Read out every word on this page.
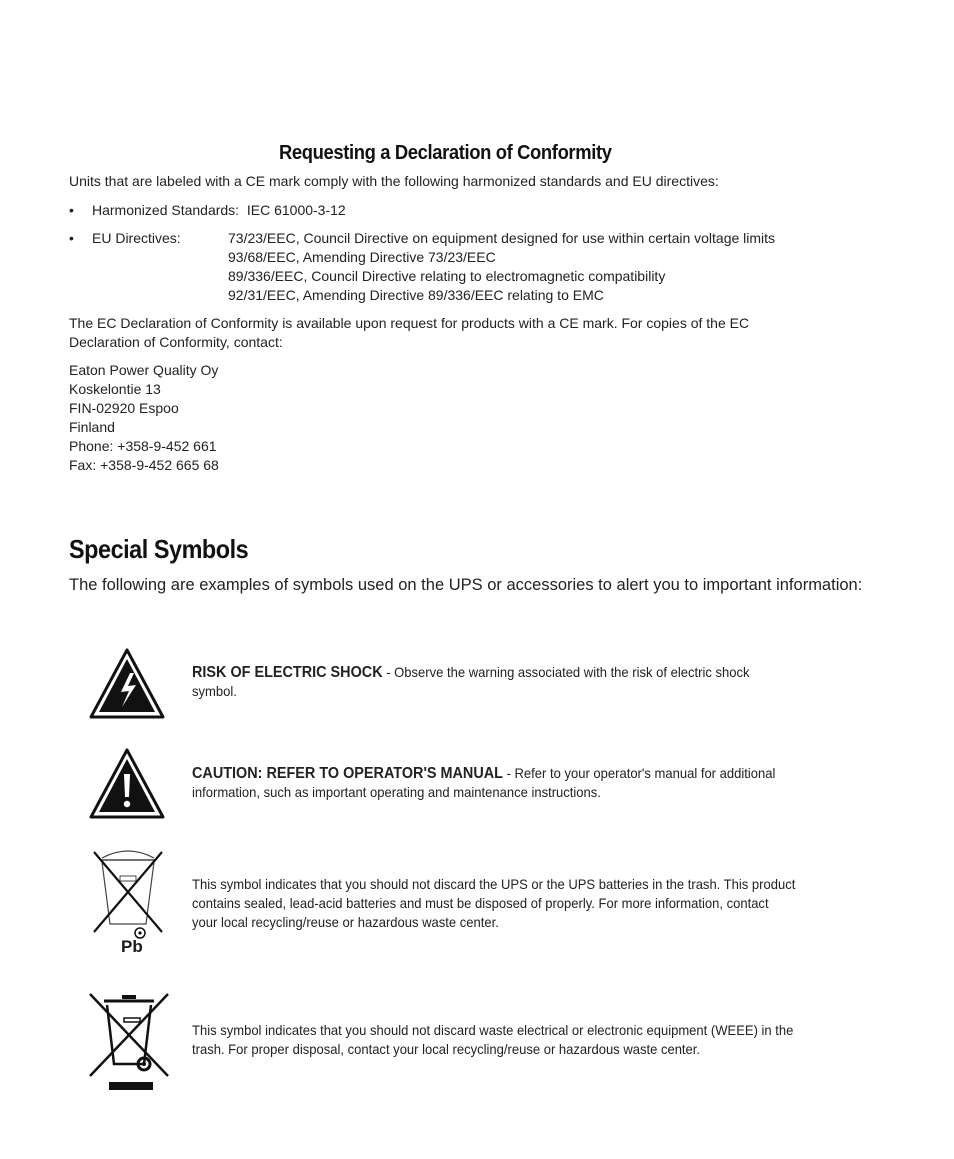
Requesting a Declaration of Conformity
Units that are labeled with a CE mark comply with the following harmonized standards and EU directives:
• Harmonized Standards: IEC 61000-3-12
• EU Directives:	73/23/EEC, Council Directive on equipment designed for use within certain voltage limits
93/68/EEC, Amending Directive 73/23/EEC
89/336/EEC, Council Directive relating to electromagnetic compatibility
92/31/EEC, Amending Directive 89/336/EEC relating to EMC
The EC Declaration of Conformity is available upon request for products with a CE mark. For copies of the EC
Declaration of Conformity, contact:
Eaton Power Quality Oy
Koskelontie 13
FIN-02920 Espoo
Finland
Phone: +358-9-452 661
Fax: +358-9-452 665 68
Special Symbols
The following are examples of symbols used on the UPS or accessories to alert you to important information:
RISK OF ELECTRIC SHOCK - Observe the warning associated with the risk of electric shock symbol.
CAUTION: REFER TO OPERATOR'S MANUAL - Refer to your operator's manual for additional information, such as important operating and maintenance instructions.
Pb
This symbol indicates that you should not discard the UPS or the UPS batteries in the trash. This product contains sealed, lead-acid batteries and must be disposed of properly. For more information, contact your local recycling/reuse or hazardous waste center.
This symbol indicates that you should not discard waste electrical or electronic equipment (WEEE) in the trash. For proper disposal, contact your local recycling/reuse or hazardous waste center.
